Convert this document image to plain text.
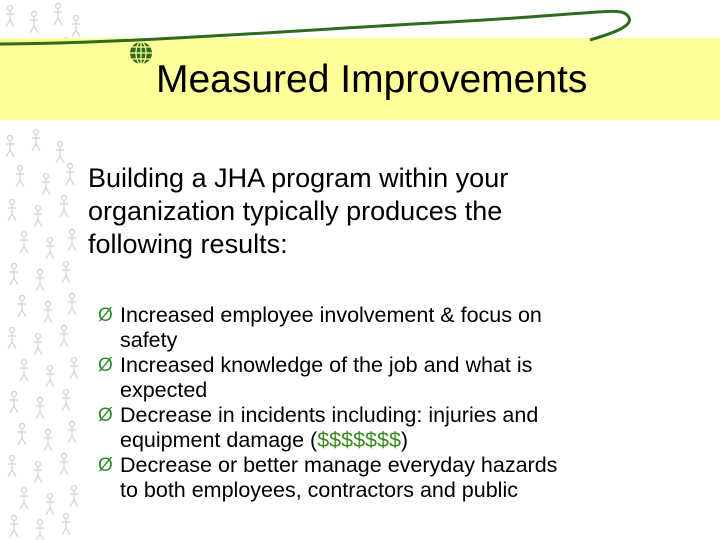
Measured Improvements
Building a JHA program within your
organization typically produces the
following results:
Ø Increased employee involvement & focus on
safety
Ø Increased knowledge of the job and what is
expected
Ø Decrease in incidents including: injuries and
equipment damage ($$$$$$$)
Ø Decrease or better manage everyday hazards
to both employees, contractors and public
